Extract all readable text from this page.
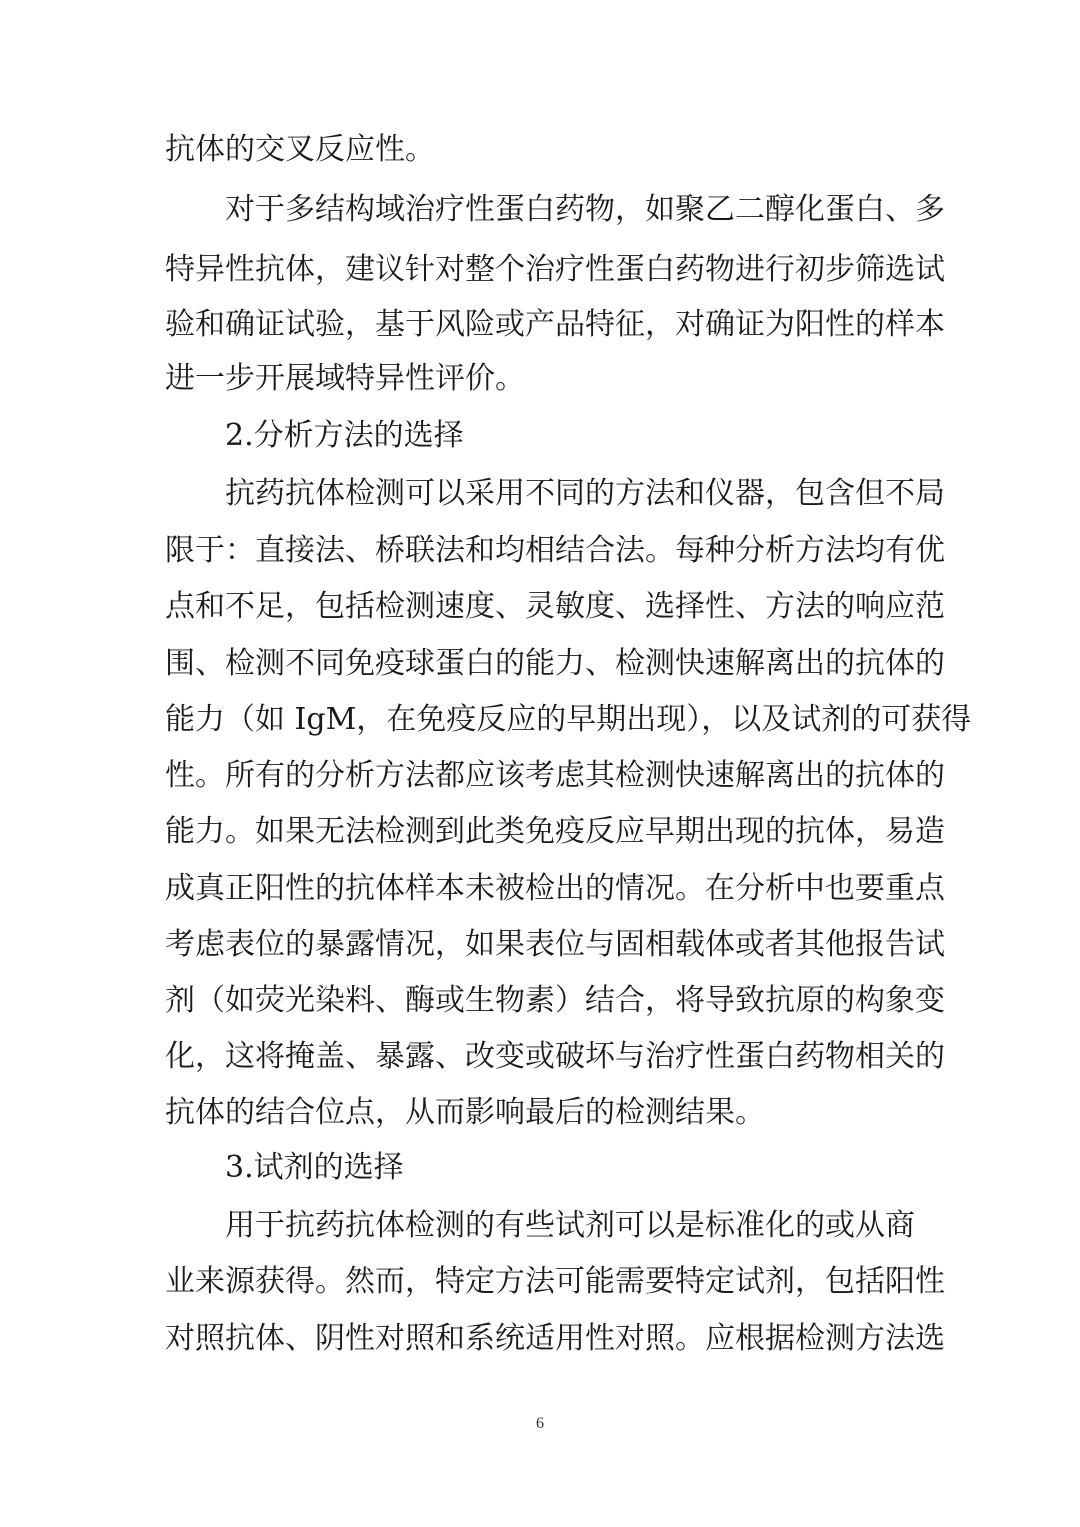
抗体的交叉反应性。
对于多结构域治疗性蛋白药物，如聚乙二醇化蛋白、多
特异性抗体，建议针对整个治疗性蛋白药物进行初步筛选试
验和确证试验，基于风险或产品特征，对确证为阳性的样本
进一步开展域特异性评价。
2.分析方法的选择
抗药抗体检测可以采用不同的方法和仪器，包含但不局
限于：直接法、桥联法和均相结合法。每种分析方法均有优
点和不足，包括检测速度、灵敏度、选择性、方法的响应范
围、检测不同免疫球蛋白的能力、检测快速解离出的抗体的
能力（如 IgM，在免疫反应的早期出现），以及试剂的可获得
性。所有的分析方法都应该考虑其检测快速解离出的抗体的
能力。如果无法检测到此类免疫反应早期出现的抗体，易造
成真正阳性的抗体样本未被检出的情况。在分析中也要重点
考虑表位的暴露情况，如果表位与固相载体或者其他报告试
剂（如荧光染料、酶或生物素）结合，将导致抗原的构象变
化，这将掩盖、暴露、改变或破坏与治疗性蛋白药物相关的
抗体的结合位点，从而影响最后的检测结果。
3.试剂的选择
用于抗药抗体检测的有些试剂可以是标准化的或从商
业来源获得。然而，特定方法可能需要特定试剂，包括阳性
对照抗体、阴性对照和系统适用性对照。应根据检测方法选
6
